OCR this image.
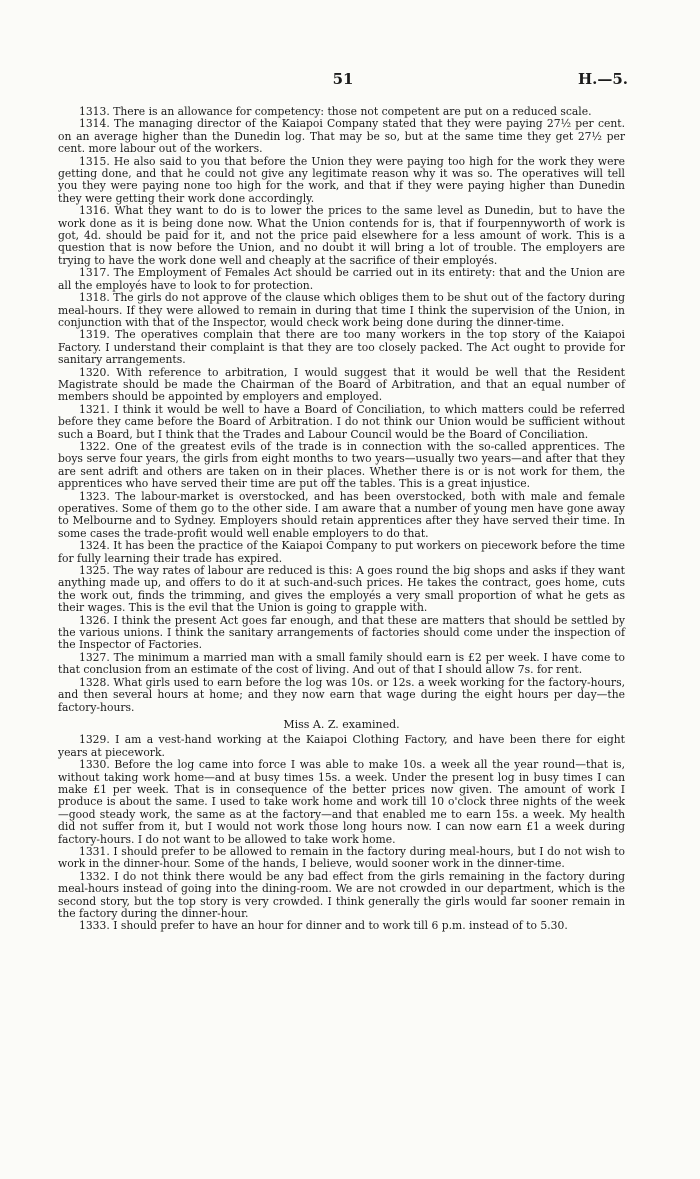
51	H.—5.

1313. There is an allowance for competency: those not competent are put on a reduced scale.

1314. The managing director of the Kaiapoi Company stated that they were paying 27½ per cent. on an average higher than the Dunedin log. That may be so, but at the same time they get 27½ per cent. more labour out of the workers.

1315. He also said to you that before the Union they were paying too high for the work they were getting done, and that he could not give any legitimate reason why it was so. The operatives will tell you they were paying none too high for the work, and that if they were paying higher than Dunedin they were getting their work done accordingly.

1316. What they want to do is to lower the prices to the same level as Dunedin, but to have the work done as it is being done now. What the Union contends for is, that if fourpennyworth of work is got, 4d. should be paid for it, and not the price paid elsewhere for a less amount of work. This is a question that is now before the Union, and no doubt it will bring a lot of trouble. The employers are trying to have the work done well and cheaply at the sacrifice of their employés.

1317. The Employment of Females Act should be carried out in its entirety: that and the Union are all the employés have to look to for protection.

1318. The girls do not approve of the clause which obliges them to be shut out of the factory during meal-hours. If they were allowed to remain in during that time I think the supervision of the Union, in conjunction with that of the Inspector, would check work being done during the dinner-time.

1319. The operatives complain that there are too many workers in the top story of the Kaiapoi Factory. I understand their complaint is that they are too closely packed. The Act ought to provide for sanitary arrangements.

1320. With reference to arbitration, I would suggest that it would be well that the Resident Magistrate should be made the Chairman of the Board of Arbitration, and that an equal number of members should be appointed by employers and employed.

1321. I think it would be well to have a Board of Conciliation, to which matters could be referred before they came before the Board of Arbitration. I do not think our Union would be sufficient without such a Board, but I think that the Trades and Labour Council would be the Board of Conciliation.

1322. One of the greatest evils of the trade is in connection with the so-called apprentices. The boys serve four years, the girls from eight months to two years—usually two years—and after that they are sent adrift and others are taken on in their places. Whether there is or is not work for them, the apprentices who have served their time are put off the tables. This is a great injustice.

1323. The labour-market is overstocked, and has been overstocked, both with male and female operatives. Some of them go to the other side. I am aware that a number of young men have gone away to Melbourne and to Sydney. Employers should retain apprentices after they have served their time. In some cases the trade-profit would well enable employers to do that.

1324. It has been the practice of the Kaiapoi Company to put workers on piecework before the time for fully learning their trade has expired.

1325. The way rates of labour are reduced is this: A goes round the big shops and asks if they want anything made up, and offers to do it at such-and-such prices. He takes the contract, goes home, cuts the work out, finds the trimming, and gives the employés a very small proportion of what he gets as their wages. This is the evil that the Union is going to grapple with.

1326. I think the present Act goes far enough, and that these are matters that should be settled by the various unions. I think the sanitary arrangements of factories should come under the inspection of the Inspector of Factories.

1327. The minimum a married man with a small family should earn is £2 per week. I have come to that conclusion from an estimate of the cost of living. And out of that I should allow 7s. for rent.

1328. What girls used to earn before the log was 10s. or 12s. a week working for the factory-hours, and then several hours at home; and they now earn that wage during the eight hours per day—the factory-hours.

Miss A. Z. examined.

1329. I am a vest-hand working at the Kaiapoi Clothing Factory, and have been there for eight years at piecework.

1330. Before the log came into force I was able to make 10s. a week all the year round—that is, without taking work home—and at busy times 15s. a week. Under the present log in busy times I can make £1 per week. That is in consequence of the better prices now given. The amount of work I produce is about the same. I used to take work home and work till 10 o'clock three nights of the week—good steady work, the same as at the factory—and that enabled me to earn 15s. a week. My health did not suffer from it, but I would not work those long hours now. I can now earn £1 a week during factory-hours. I do not want to be allowed to take work home.

1331. I should prefer to be allowed to remain in the factory during meal-hours, but I do not wish to work in the dinner-hour. Some of the hands, I believe, would sooner work in the dinner-time.

1332. I do not think there would be any bad effect from the girls remaining in the factory during meal-hours instead of going into the dining-room. We are not crowded in our department, which is the second story, but the top story is very crowded. I think generally the girls would far sooner remain in the factory during the dinner-hour.

1333. I should prefer to have an hour for dinner and to work till 6 p.m. instead of to 5.30.
